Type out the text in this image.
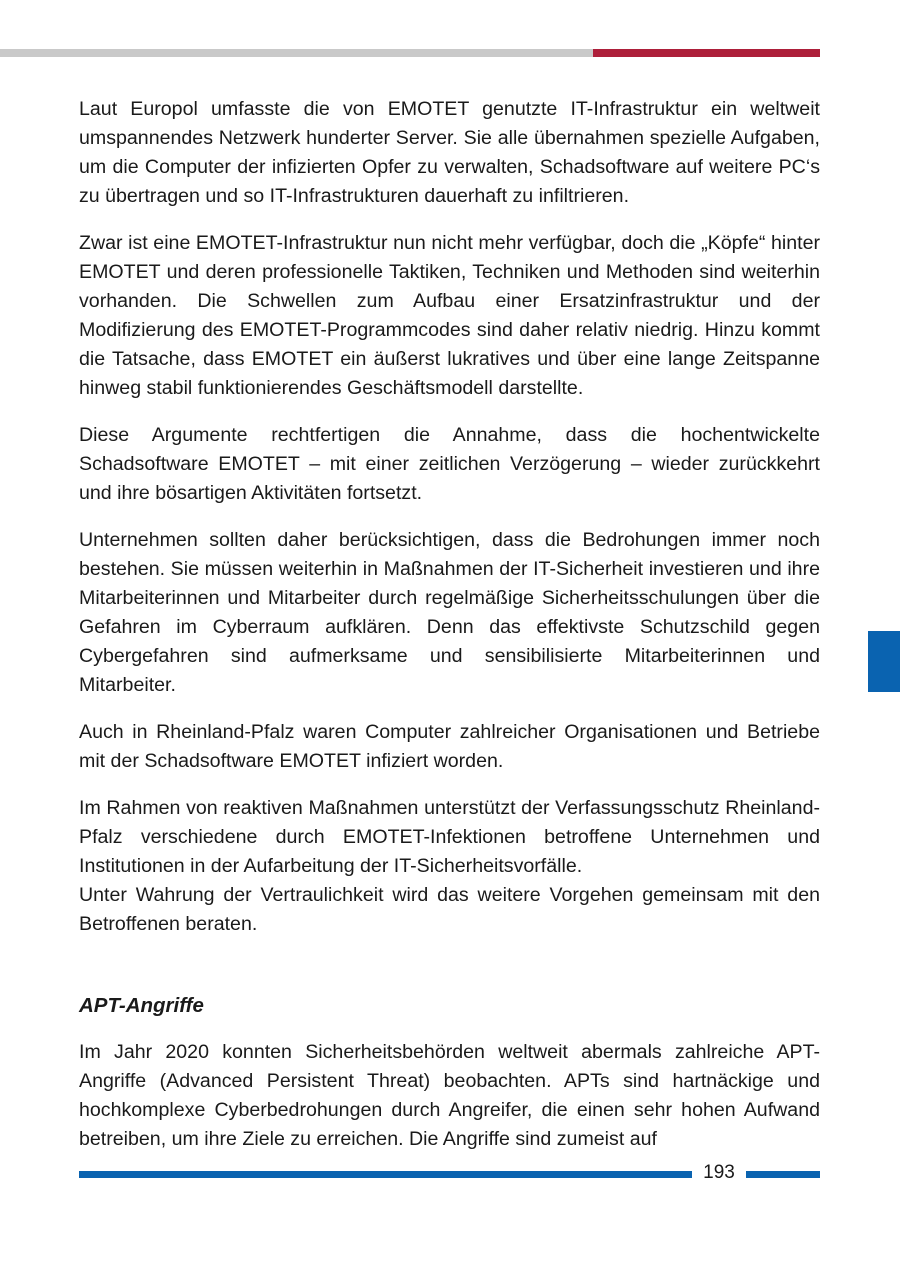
Laut Europol umfasste die von EMOTET genutzte IT-Infrastruktur ein weltweit umspannendes Netzwerk hunderter Server. Sie alle übernahmen spezielle Aufgaben, um die Computer der infizierten Opfer zu verwalten, Schadsoftware auf weitere PC‘s zu übertragen und so IT-Infrastrukturen dauerhaft zu infiltrieren.

Zwar ist eine EMOTET-Infrastruktur nun nicht mehr verfügbar, doch die „Köpfe“ hinter EMOTET und deren professionelle Taktiken, Techniken und Methoden sind weiterhin vorhanden. Die Schwellen zum Aufbau einer Ersatzinfrastruktur und der Modifizierung des EMOTET-Programmcodes sind daher relativ niedrig. Hinzu kommt die Tatsache, dass EMOTET ein äußerst lukratives und über eine lange Zeitspanne hinweg stabil funktionierendes Geschäftsmodell darstellte.

Diese Argumente rechtfertigen die Annahme, dass die hochentwickelte Schadsoftware EMOTET – mit einer zeitlichen Verzögerung – wieder zurückkehrt und ihre bösartigen Aktivitäten fortsetzt.

Unternehmen sollten daher berücksichtigen, dass die Bedrohungen immer noch bestehen. Sie müssen weiterhin in Maßnahmen der IT-Sicherheit investieren und ihre Mitarbeiterinnen und Mitarbeiter durch regelmäßige Sicherheitsschulungen über die Gefahren im Cyberraum aufklären. Denn das effektivste Schutzschild gegen Cybergefahren sind aufmerksame und sensibilisierte Mitarbeiterinnen und Mitarbeiter.

Auch in Rheinland-Pfalz waren Computer zahlreicher Organisationen und Betriebe mit der Schadsoftware EMOTET infiziert worden.

Im Rahmen von reaktiven Maßnahmen unterstützt der Verfassungsschutz Rheinland-Pfalz verschiedene durch EMOTET-Infektionen betroffene Unternehmen und Institutionen in der Aufarbeitung der IT-Sicherheitsvorfälle.

Unter Wahrung der Vertraulichkeit wird das weitere Vorgehen gemeinsam mit den Betroffenen beraten.

APT-Angriffe

Im Jahr 2020 konnten Sicherheitsbehörden weltweit abermals zahlreiche APT-Angriffe (Advanced Persistent Threat) beobachten. APTs sind hartnäckige und hochkomplexe Cyberbedrohungen durch Angreifer, die einen sehr hohen Aufwand betreiben, um ihre Ziele zu erreichen. Die Angriffe sind zumeist auf

193
